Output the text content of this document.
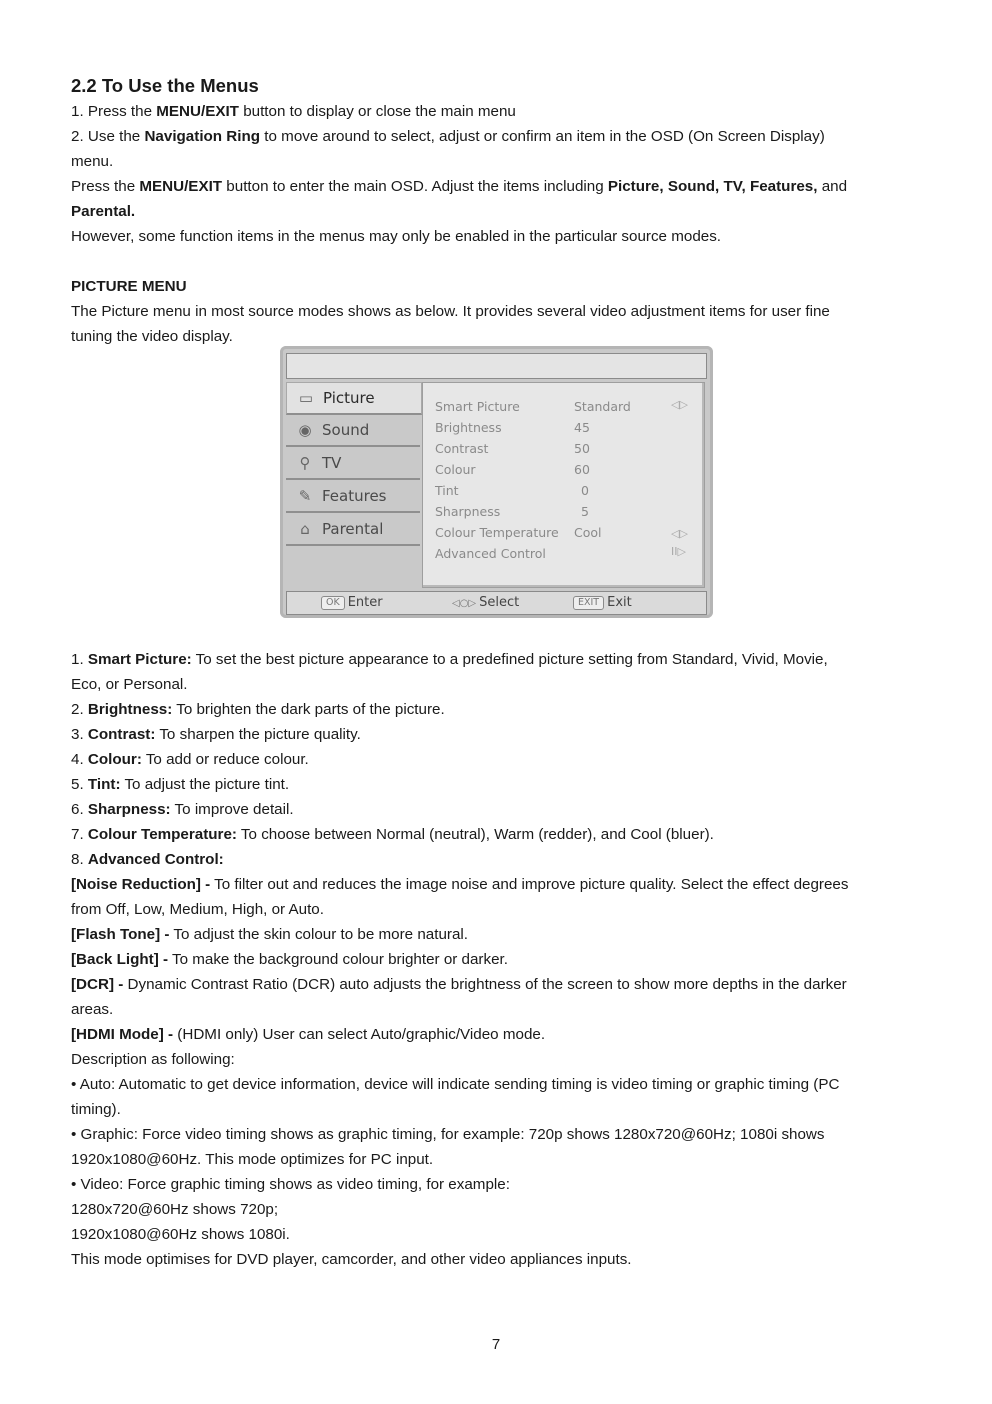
2.2 To Use the Menus
1. Press the MENU/EXIT button to display or close the main menu
2. Use the Navigation Ring to move around to select, adjust or confirm an item in the OSD (On Screen Display)
menu.
Press the MENU/EXIT button to enter the main OSD. Adjust the items including Picture, Sound, TV, Features, and
Parental.
However, some function items in the menus may only be enabled in the particular source modes.
PICTURE MENU
The Picture menu in most source modes shows as below. It provides several video adjustment items for user fine
tuning the video display.
▭ Picture
◉ Sound
⚲ TV
✎ Features
⌂ Parental
Smart Picture	Standard	◁▷
Brightness	45
Contrast	50
Colour	60
Tint	0
Sharpness	5
Colour Temperature Cool	◁▷
Advanced Control	II▷
OK Enter	◁○▷ Select	EXIT Exit
1. Smart Picture: To set the best picture appearance to a predefined picture setting from Standard, Vivid, Movie,
Eco, or Personal.
2. Brightness: To brighten the dark parts of the picture.
3. Contrast: To sharpen the picture quality.
4. Colour: To add or reduce colour.
5. Tint: To adjust the picture tint.
6. Sharpness: To improve detail.
7. Colour Temperature: To choose between Normal (neutral), Warm (redder), and Cool (bluer).
8. Advanced Control:
[Noise Reduction] - To filter out and reduces the image noise and improve picture quality. Select the effect degrees
from Off, Low, Medium, High, or Auto.
[Flash Tone] - To adjust the skin colour to be more natural.
[Back Light] - To make the background colour brighter or darker.
[DCR] - Dynamic Contrast Ratio (DCR) auto adjusts the brightness of the screen to show more depths in the darker
areas.
[HDMI Mode] - (HDMI only) User can select Auto/graphic/Video mode.
Description as following:
• Auto: Automatic to get device information, device will indicate sending timing is video timing or graphic timing (PC
timing).
• Graphic: Force video timing shows as graphic timing, for example: 720p shows 1280x720@60Hz; 1080i shows
1920x1080@60Hz. This mode optimizes for PC input.
• Video: Force graphic timing shows as video timing, for example:
1280x720@60Hz shows 720p;
1920x1080@60Hz shows 1080i.
This mode optimises for DVD player, camcorder, and other video appliances inputs.
7
